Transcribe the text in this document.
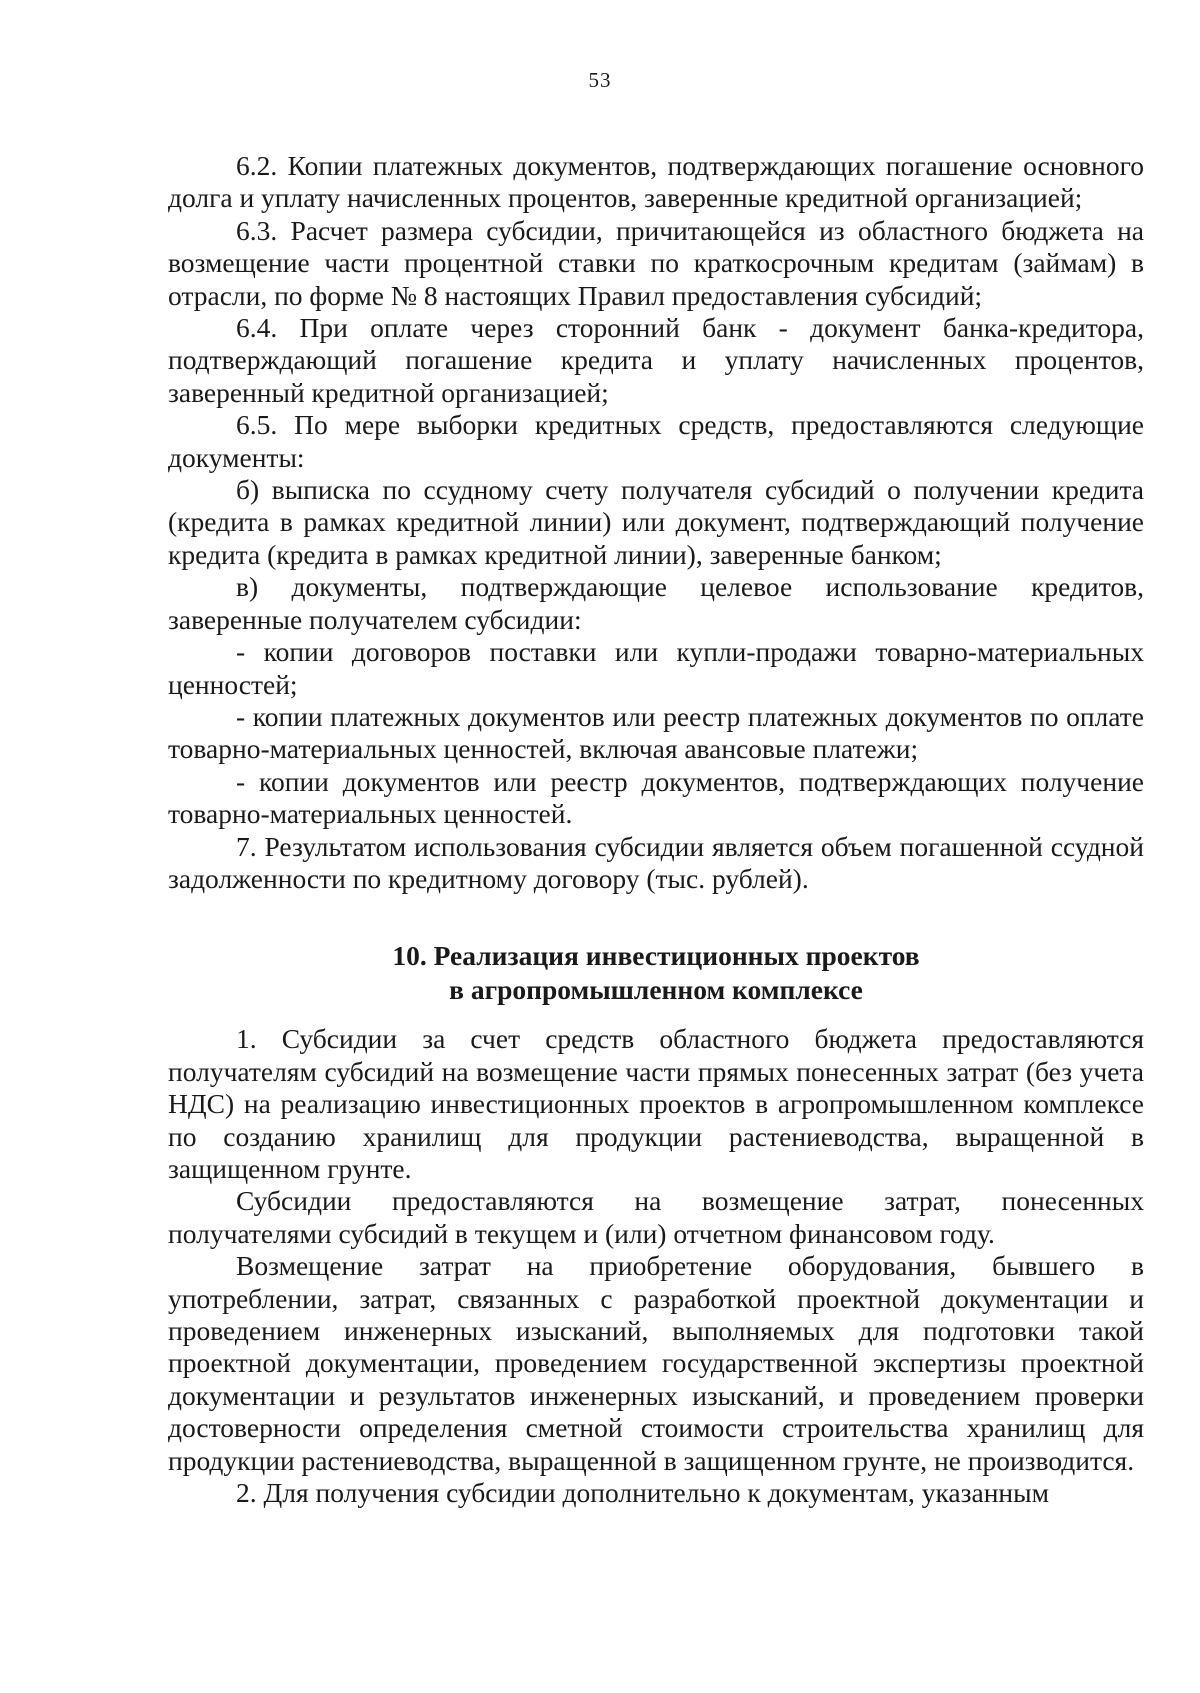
53

6.2. Копии платежных документов, подтверждающих погашение основного долга и уплату начисленных процентов, заверенные кредитной организацией;

6.3. Расчет размера субсидии, причитающейся из областного бюджета на возмещение части процентной ставки по краткосрочным кредитам (займам) в отрасли, по форме № 8 настоящих Правил предоставления субсидий;

6.4. При оплате через сторонний банк - документ банка-кредитора, подтверждающий погашение кредита и уплату начисленных процентов, заверенный кредитной организацией;

6.5. По мере выборки кредитных средств, предоставляются следующие документы:

б) выписка по ссудному счету получателя субсидий о получении кредита (кредита в рамках кредитной линии) или документ, подтверждающий получение кредита (кредита в рамках кредитной линии), заверенные банком;

в) документы, подтверждающие целевое использование кредитов, заверенные получателем субсидии:

- копии договоров поставки или купли-продажи товарно-материальных ценностей;

- копии платежных документов или реестр платежных документов по оплате товарно-материальных ценностей, включая авансовые платежи;

- копии документов или реестр документов, подтверждающих получение товарно-материальных ценностей.

7. Результатом использования субсидии является объем погашенной ссудной задолженности по кредитному договору (тыс. рублей).

10. Реализация инвестиционных проектов
в агропромышленном комплексе

1. Субсидии за счет средств областного бюджета предоставляются получателям субсидий на возмещение части прямых понесенных затрат (без учета НДС) на реализацию инвестиционных проектов в агропромышленном комплексе по созданию хранилищ для продукции растениеводства, выращенной в защищенном грунте.

Субсидии предоставляются на возмещение затрат, понесенных получателями субсидий в текущем и (или) отчетном финансовом году.

Возмещение затрат на приобретение оборудования, бывшего в употреблении, затрат, связанных с разработкой проектной документации и проведением инженерных изысканий, выполняемых для подготовки такой проектной документации, проведением государственной экспертизы проектной документации и результатов инженерных изысканий, и проведением проверки достоверности определения сметной стоимости строительства хранилищ для продукции растениеводства, выращенной в защищенном грунте, не производится.

2. Для получения субсидии дополнительно к документам, указанным
